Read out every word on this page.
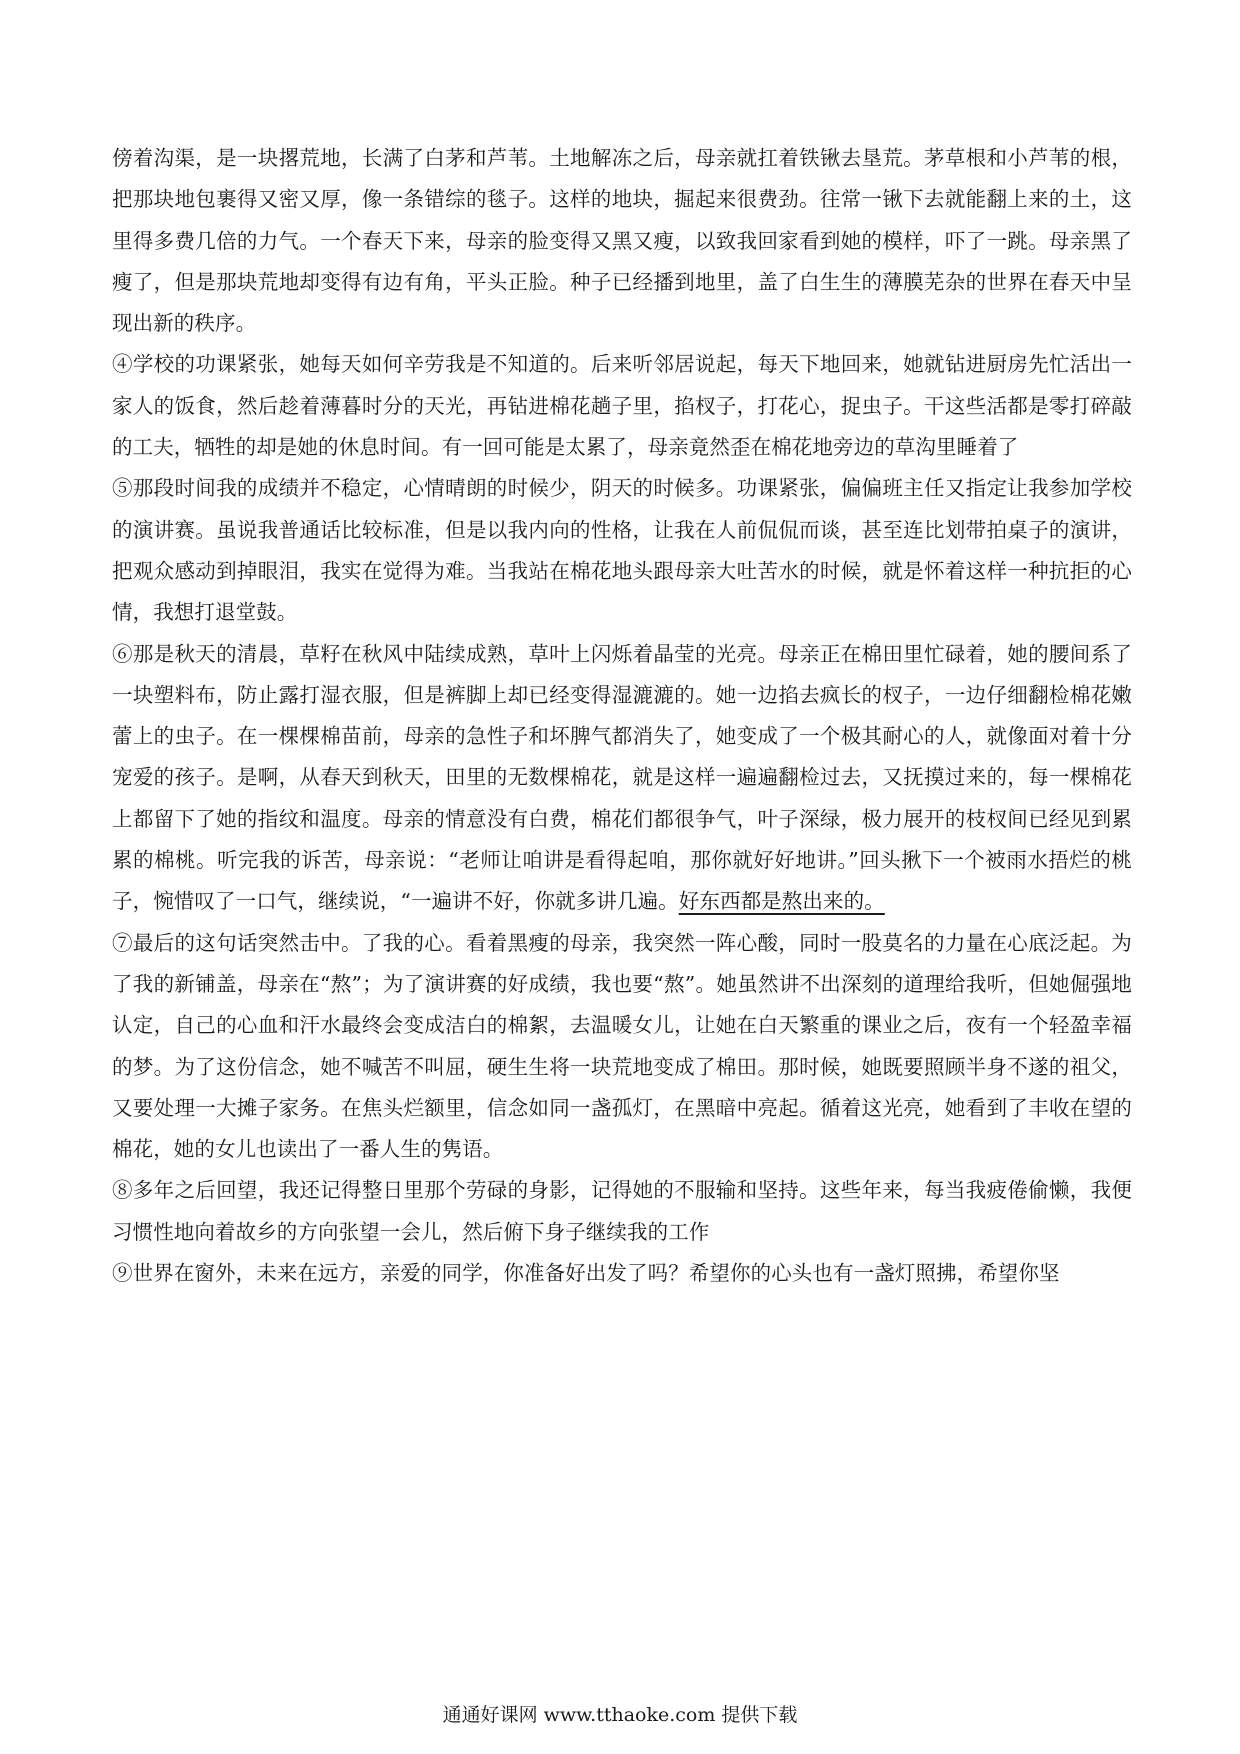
傍着沟渠，是一块撂荒地，长满了白茅和芦苇。土地解冻之后，母亲就扛着铁锹去垦荒。茅草根和小芦苇的根，把那块地包裹得又密又厚，像一条错综的毯子。这样的地块，掘起来很费劲。往常一锹下去就能翻上来的土，这里得多费几倍的力气。一个春天下来，母亲的脸变得又黑又瘦，以致我回家看到她的模样，吓了一跳。母亲黑了瘦了，但是那块荒地却变得有边有角，平头正脸。种子已经播到地里，盖了白生生的薄膜芜杂的世界在春天中呈现出新的秩序。

④学校的功课紧张，她每天如何辛劳我是不知道的。后来听邻居说起，每天下地回来，她就钻进厨房先忙活出一家人的饭食，然后趁着薄暮时分的天光，再钻进棉花趟子里，掐杈子，打花心，捉虫子。干这些活都是零打碎敲的工夫，牺牲的却是她的休息时间。有一回可能是太累了，母亲竟然歪在棉花地旁边的草沟里睡着了

⑤那段时间我的成绩并不稳定，心情晴朗的时候少，阴天的时候多。功课紧张，偏偏班主任又指定让我参加学校的演讲赛。虽说我普通话比较标准，但是以我内向的性格，让我在人前侃侃而谈，甚至连比划带拍桌子的演讲，把观众感动到掉眼泪，我实在觉得为难。当我站在棉花地头跟母亲大吐苦水的时候，就是怀着这样一种抗拒的心情，我想打退堂鼓。

⑥那是秋天的清晨，草籽在秋风中陆续成熟，草叶上闪烁着晶莹的光亮。母亲正在棉田里忙碌着，她的腰间系了一块塑料布，防止露打湿衣服，但是裤脚上却已经变得湿漉漉的。她一边掐去疯长的杈子，一边仔细翻检棉花嫩蕾上的虫子。在一棵棵棉苗前，母亲的急性子和坏脾气都消失了，她变成了一个极其耐心的人，就像面对着十分宠爱的孩子。是啊，从春天到秋天，田里的无数棵棉花，就是这样一遍遍翻检过去，又抚摸过来的，每一棵棉花上都留下了她的指纹和温度。母亲的情意没有白费，棉花们都很争气，叶子深绿，极力展开的枝杈间已经见到累累的棉桃。听完我的诉苦，母亲说：“老师让咱讲是看得起咱，那你就好好地讲。”回头揪下一个被雨水捂烂的桃子，惋惜叹了一口气，继续说，“一遍讲不好，你就多讲几遍。好东西都是熬出来的。

⑦最后的这句话突然击中。了我的心。看着黑瘦的母亲，我突然一阵心酸，同时一股莫名的力量在心底泛起。为了我的新铺盖，母亲在“熬”；为了演讲赛的好成绩，我也要“熬”。她虽然讲不出深刻的道理给我听，但她倔强地认定，自己的心血和汗水最终会变成洁白的棉絮，去温暖女儿，让她在白天繁重的课业之后，夜有一个轻盈幸福的梦。为了这份信念，她不喊苦不叫屈，硬生生将一块荒地变成了棉田。那时候，她既要照顾半身不遂的祖父，又要处理一大摊子家务。在焦头烂额里，信念如同一盏孤灯，在黑暗中亮起。循着这光亮，她看到了丰收在望的棉花，她的女儿也读出了一番人生的隽语。

⑧多年之后回望，我还记得整日里那个劳碌的身影，记得她的不服输和坚持。这些年来，每当我疲倦偷懒，我便习惯性地向着故乡的方向张望一会儿，然后俯下身子继续我的工作

⑨世界在窗外，未来在远方，亲爱的同学，你准备好出发了吗？希望你的心头也有一盏灯照拂，希望你坚

通通好课网 www.tthaoke.com 提供下载
